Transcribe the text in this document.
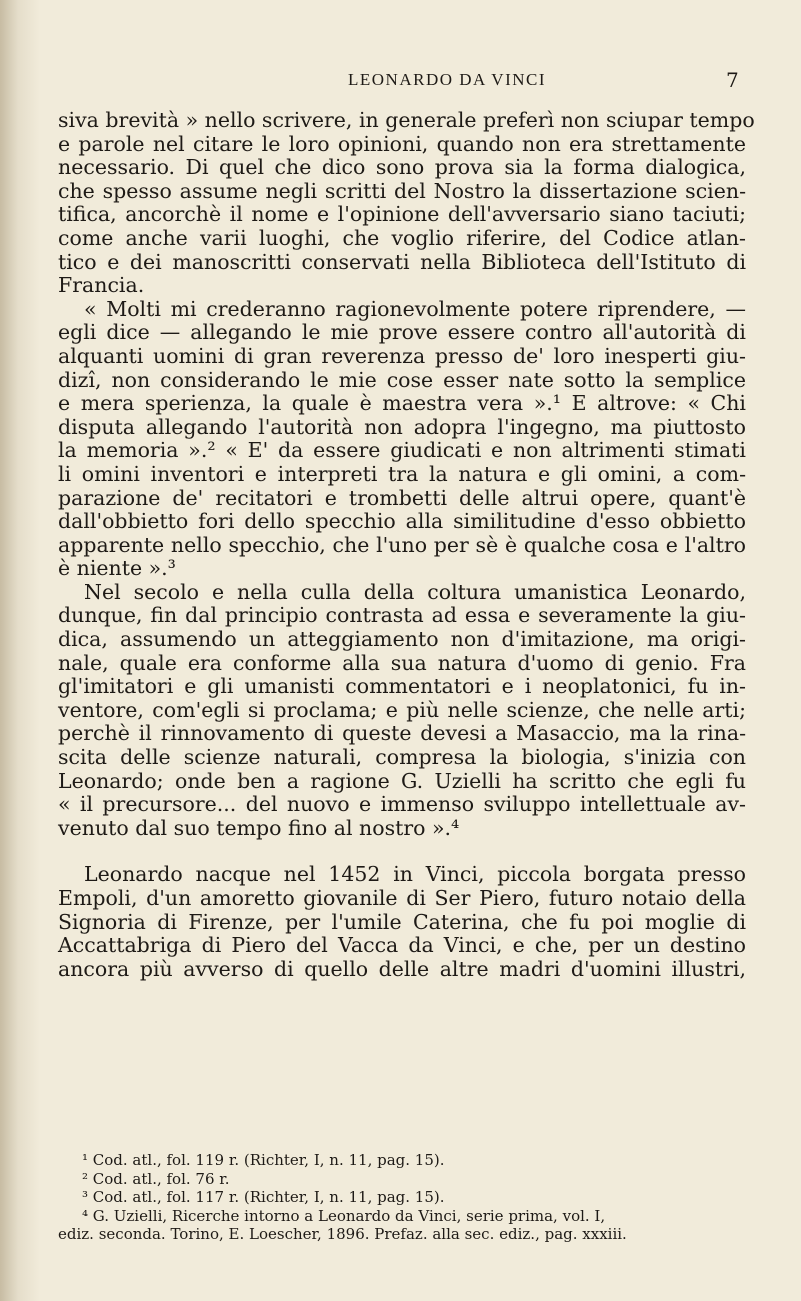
LEONARDO DA VINCI	7
siva brevità » nello scrivere, in generale preferì non sciupar tempo
e parole nel citare le loro opinioni, quando non era strettamente
necessario. Di quel che dico sono prova sia la forma dialogica,
che spesso assume negli scritti del Nostro la dissertazione scien-
tifica, ancorchè il nome e l'opinione dell'avversario siano taciuti;
come anche varii luoghi, che voglio riferire, del Codice atlan-
tico e dei manoscritti conservati nella Biblioteca dell'Istituto di
Francia.
« Molti mi crederanno ragionevolmente potere riprendere, —
egli dice — allegando le mie prove essere contro all'autorità di
alquanti uomini di gran reverenza presso de' loro inesperti giu-
dizî, non considerando le mie cose esser nate sotto la semplice
e mera sperienza, la quale è maestra vera ».¹ E altrove: « Chi
disputa allegando l'autorità non adopra l'ingegno, ma piuttosto
la memoria ».² « E' da essere giudicati e non altrimenti stimati
li omini inventori e interpreti tra la natura e gli omini, a com-
parazione de' recitatori e trombetti delle altrui opere, quant'è
dall'obbietto fori dello specchio alla similitudine d'esso obbietto
apparente nello specchio, che l'uno per sè è qualche cosa e l'altro
è niente ».³
Nel secolo e nella culla della coltura umanistica Leonardo,
dunque, fin dal principio contrasta ad essa e severamente la giu-
dica, assumendo un atteggiamento non d'imitazione, ma origi-
nale, quale era conforme alla sua natura d'uomo di genio. Fra
gl'imitatori e gli umanisti commentatori e i neoplatonici, fu in-
ventore, com'egli si proclama; e più nelle scienze, che nelle arti;
perchè il rinnovamento di queste devesi a Masaccio, ma la rina-
scita delle scienze naturali, compresa la biologia, s'inizia con
Leonardo; onde ben a ragione G. Uzielli ha scritto che egli fu
« il precursore... del nuovo e immenso sviluppo intellettuale av-
venuto dal suo tempo fino al nostro ».⁴
Leonardo nacque nel 1452 in Vinci, piccola borgata presso
Empoli, d'un amoretto giovanile di Ser Piero, futuro notaio della
Signoria di Firenze, per l'umile Caterina, che fu poi moglie di
Accattabriga di Piero del Vacca da Vinci, e che, per un destino
ancora più avverso di quello delle altre madri d'uomini illustri,
¹ Cod. atl., fol. 119 r. (Richter, I, n. 11, pag. 15).
² Cod. atl., fol. 76 r.
³ Cod. atl., fol. 117 r. (Richter, I, n. 11, pag. 15).
⁴ G. Uzielli, Ricerche intorno a Leonardo da Vinci, serie prima, vol. I,
ediz. seconda. Torino, E. Loescher, 1896. Prefaz. alla sec. ediz., pag. xxxiii.
